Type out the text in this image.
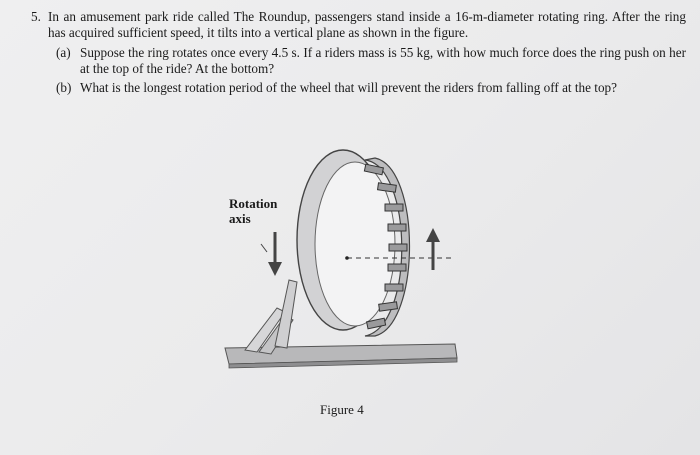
5. In an amusement park ride called The Roundup, passengers stand inside a 16-m-diameter rotating ring. After the ring has acquired sufficient speed, it tilts into a vertical plane as shown in the figure.
(a) Suppose the ring rotates once every 4.5 s. If a riders mass is 55 kg, with how much force does the ring push on her at the top of the ride? At the bottom?
(b) What is the longest rotation period of the wheel that will prevent the riders from falling off at the top?
Rotation
axis
Figure 4
